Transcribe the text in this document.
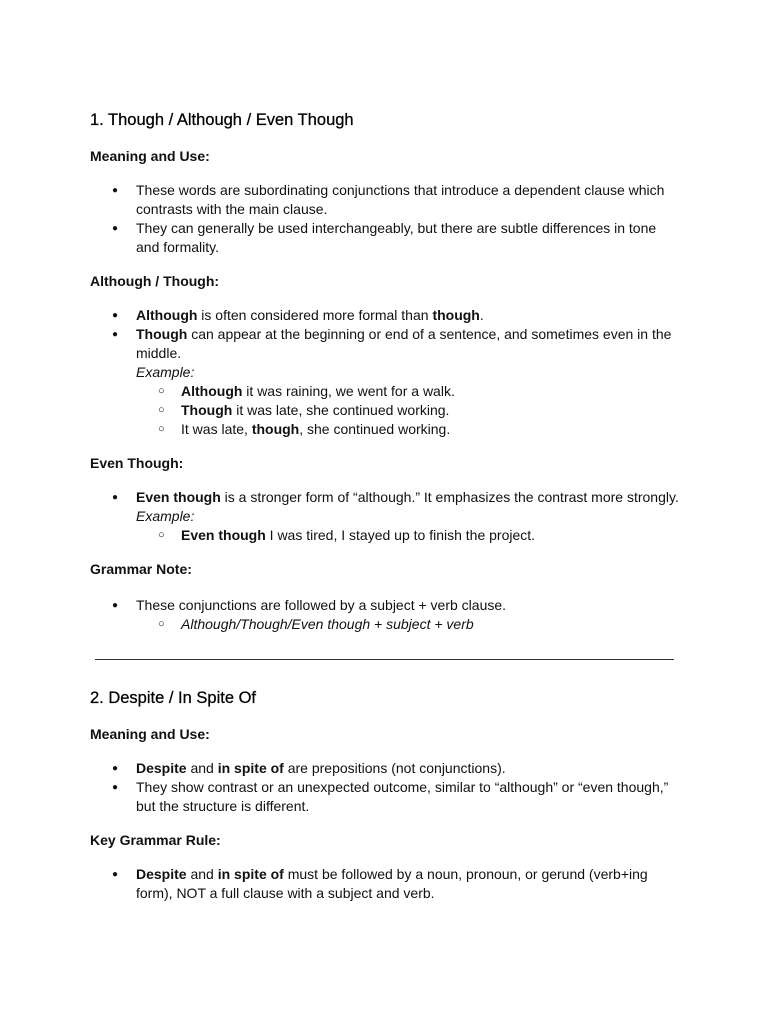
1. Though / Although / Even Though
Meaning and Use:
● These words are subordinating conjunctions that introduce a dependent clause which contrasts with the main clause.
● They can generally be used interchangeably, but there are subtle differences in tone and formality.
Although / Though:
● Although is often considered more formal than though.
● Though can appear at the beginning or end of a sentence, and sometimes even in the middle.
Example:
○ Although it was raining, we went for a walk.
○ Though it was late, she continued working.
○ It was late, though, she continued working.
Even Though:
● Even though is a stronger form of “although.” It emphasizes the contrast more strongly.
Example:
○ Even though I was tired, I stayed up to finish the project.
Grammar Note:
● These conjunctions are followed by a subject + verb clause.
○ Although/Though/Even though + subject + verb
2. Despite / In Spite Of
Meaning and Use:
● Despite and in spite of are prepositions (not conjunctions).
● They show contrast or an unexpected outcome, similar to “although” or “even though,” but the structure is different.
Key Grammar Rule:
● Despite and in spite of must be followed by a noun, pronoun, or gerund (verb+ing form), NOT a full clause with a subject and verb.
